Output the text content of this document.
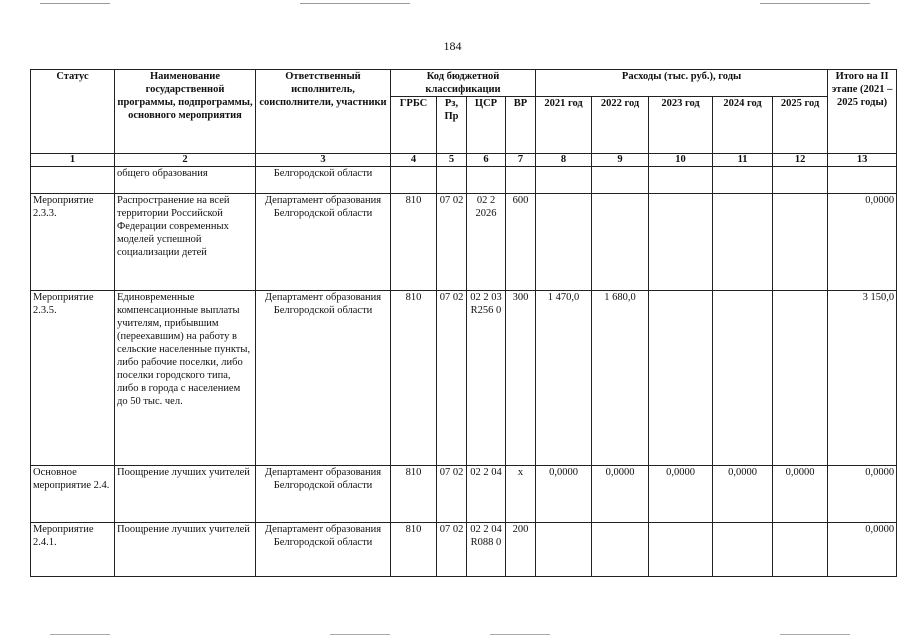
184
Статус	Наименование государственной программы, подпрограммы, основного мероприятия	Ответственный исполнитель, соисполнители, участники	Код бюджетной классификации				Расходы (тыс. руб.), годы					Итого на II этапе (2021 – 2025 годы)
			ГРБС	Рз, Пр	ЦСР	ВР	2021 год	2022 год	2023 год	2024 год	2025 год	
1	2	3	4	5	6	7	8	9	10	11	12	13
	общего образования	Белгородской области										
Мероприятие 2.3.3.	Распространение на всей территории Российской Федерации современных моделей успешной социализации детей	Департамент образования Белгородской области	810	07 02	02 2 2026	600						0,0000
Мероприятие 2.3.5.	Единовременные компенсационные выплаты учителям, прибывшим (переехавшим) на работу в сельские населенные пункты, либо рабочие поселки, либо поселки городского типа, либо в города с населением до 50 тыс. чел.	Департамент образования Белгородской области	810	07 02	02 2 03 R256 0	300	1 470,0	1 680,0				3 150,0
Основное мероприятие 2.4.	Поощрение лучших учителей	Департамент образования Белгородской области	810	07 02	02 2 04	х	0,0000	0,0000	0,0000	0,0000	0,0000	0,0000
Мероприятие 2.4.1.	Поощрение лучших учителей	Департамент образования Белгородской области	810	07 02	02 2 04 R088 0	200						0,0000
